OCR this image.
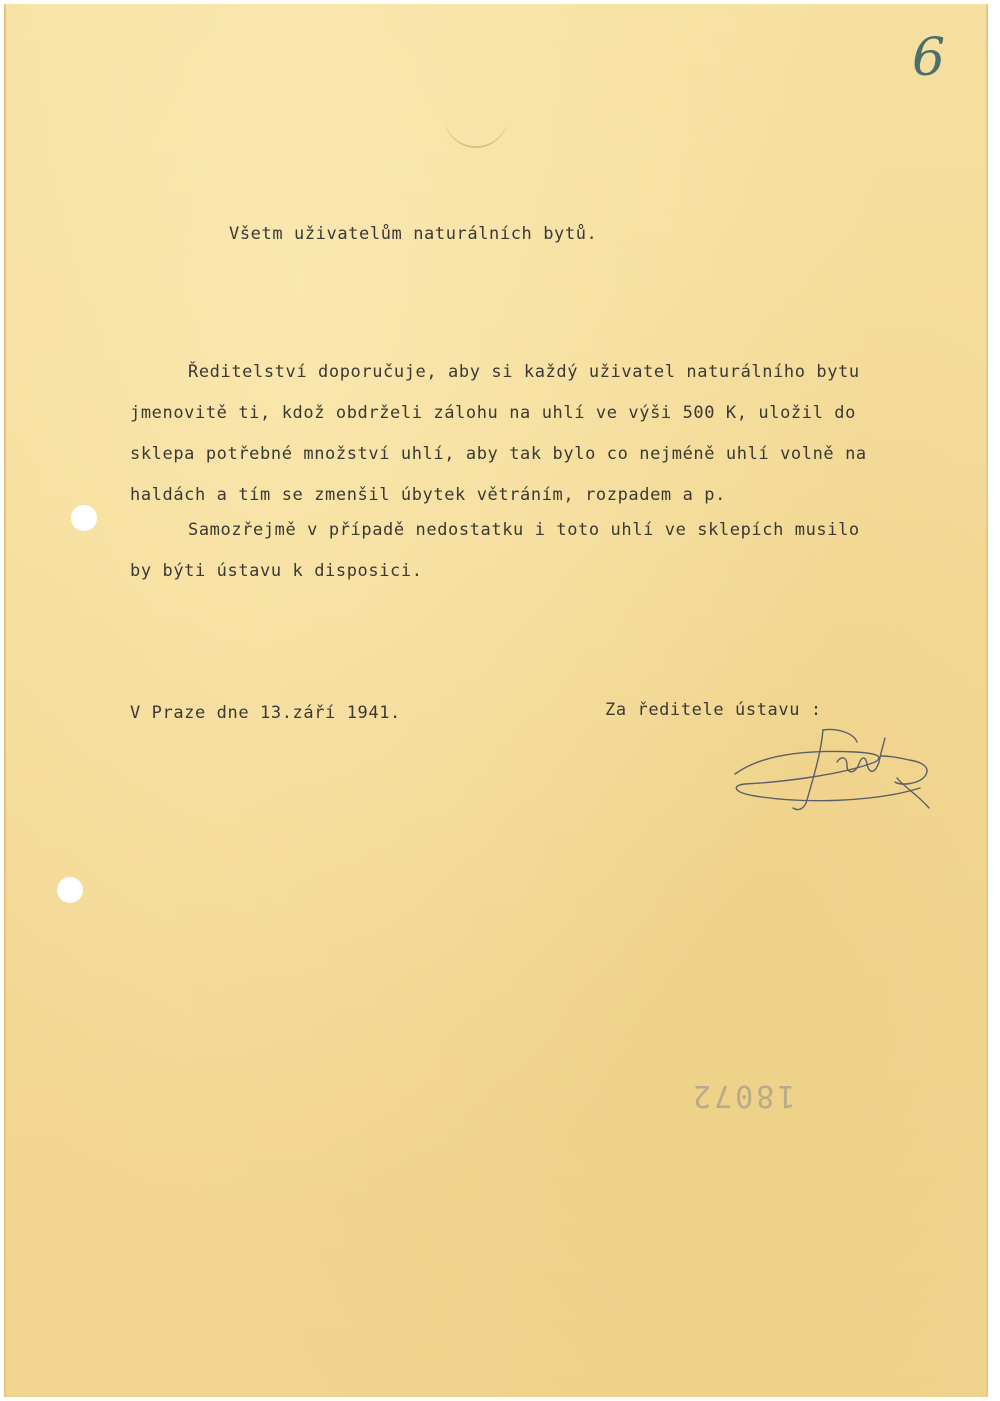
6
Všetm uživatelům naturálních bytů.
Ředitelství doporučuje, aby si každý uživatel naturálního bytu
jmenovitě ti, kdož obdrželi zálohu na uhlí ve výši 500 K, uložil do
sklepa potřebné množství uhlí, aby tak bylo co nejméně uhlí volně na
haldách a tím se zmenšil úbytek větráním, rozpadem a p.
Samozřejmě v případě nedostatku i toto uhlí ve sklepích musilo
by býti ústavu k disposici.
V Praze dne 13.září 1941.	Za ředitele ústavu :
18072
